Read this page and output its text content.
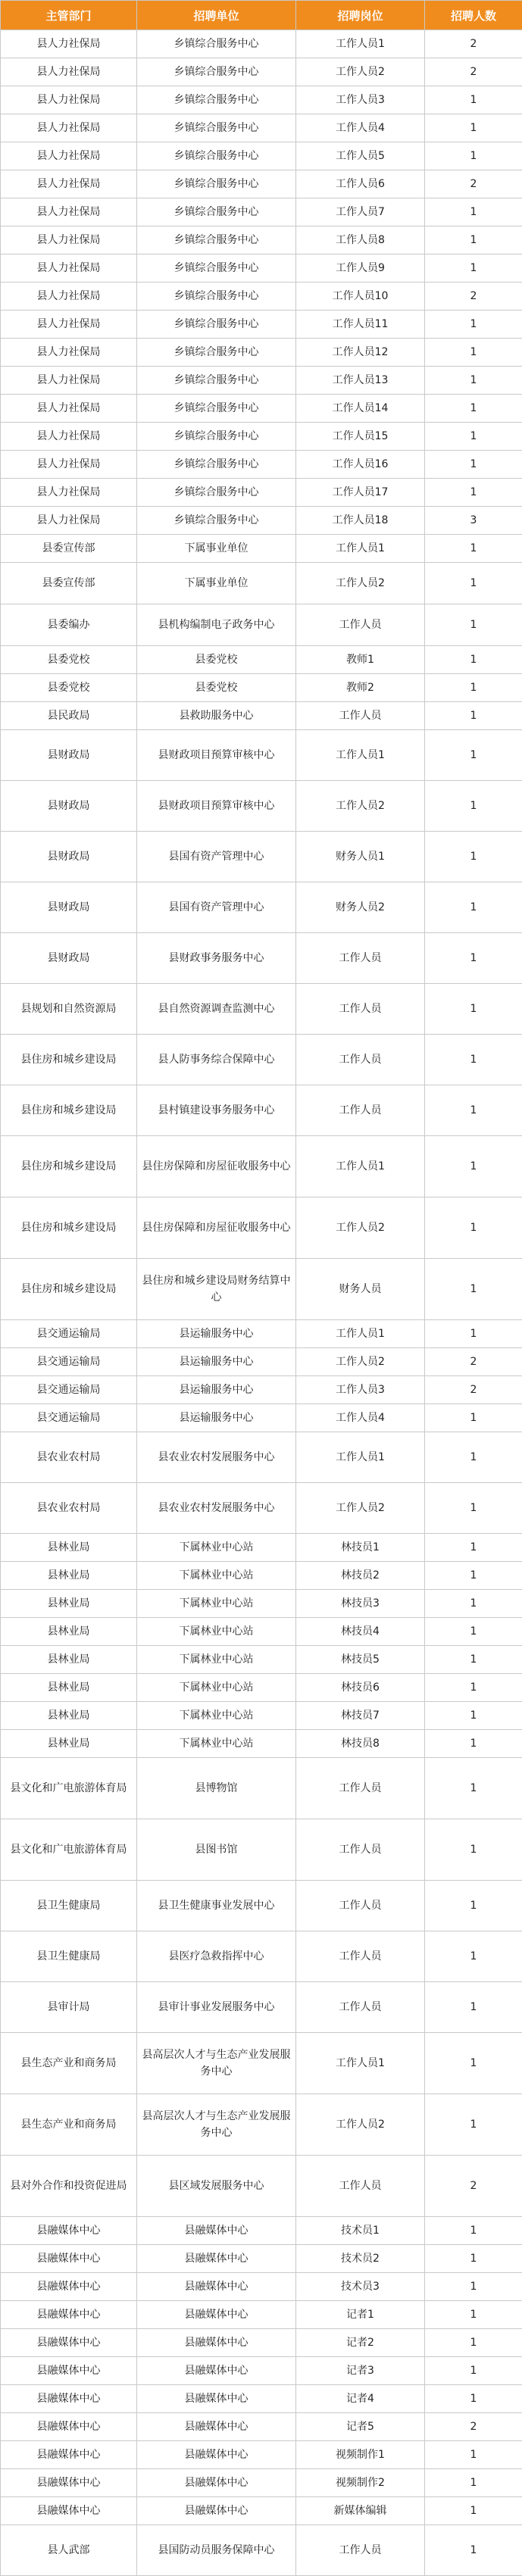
主管部门	招聘单位	招聘岗位	招聘人数
县人力社保局	乡镇综合服务中心	工作人员1	2
县人力社保局	乡镇综合服务中心	工作人员2	2
县人力社保局	乡镇综合服务中心	工作人员3	1
县人力社保局	乡镇综合服务中心	工作人员4	1
县人力社保局	乡镇综合服务中心	工作人员5	1
县人力社保局	乡镇综合服务中心	工作人员6	2
县人力社保局	乡镇综合服务中心	工作人员7	1
县人力社保局	乡镇综合服务中心	工作人员8	1
县人力社保局	乡镇综合服务中心	工作人员9	1
县人力社保局	乡镇综合服务中心	工作人员10	2
县人力社保局	乡镇综合服务中心	工作人员11	1
县人力社保局	乡镇综合服务中心	工作人员12	1
县人力社保局	乡镇综合服务中心	工作人员13	1
县人力社保局	乡镇综合服务中心	工作人员14	1
县人力社保局	乡镇综合服务中心	工作人员15	1
县人力社保局	乡镇综合服务中心	工作人员16	1
县人力社保局	乡镇综合服务中心	工作人员17	1
县人力社保局	乡镇综合服务中心	工作人员18	3
县委宣传部	下属事业单位	工作人员1	1
县委宣传部	下属事业单位	工作人员2	1
县委编办	县机构编制电子政务中心	工作人员	1
县委党校	县委党校	教师1	1
县委党校	县委党校	教师2	1
县民政局	县救助服务中心	工作人员	1
县财政局	县财政项目预算审核中心	工作人员1	1
县财政局	县财政项目预算审核中心	工作人员2	1
县财政局	县国有资产管理中心	财务人员1	1
县财政局	县国有资产管理中心	财务人员2	1
县财政局	县财政事务服务中心	工作人员	1
县规划和自然资源局	县自然资源调查监测中心	工作人员	1
县住房和城乡建设局	县人防事务综合保障中心	工作人员	1
县住房和城乡建设局	县村镇建设事务服务中心	工作人员	1
县住房和城乡建设局	县住房保障和房屋征收服务中心	工作人员1	1
县住房和城乡建设局	县住房保障和房屋征收服务中心	工作人员2	1
县住房和城乡建设局	县住房和城乡建设局财务结算中心	财务人员	1
县交通运输局	县运输服务中心	工作人员1	1
县交通运输局	县运输服务中心	工作人员2	2
县交通运输局	县运输服务中心	工作人员3	2
县交通运输局	县运输服务中心	工作人员4	1
县农业农村局	县农业农村发展服务中心	工作人员1	1
县农业农村局	县农业农村发展服务中心	工作人员2	1
县林业局	下属林业中心站	林技员1	1
县林业局	下属林业中心站	林技员2	1
县林业局	下属林业中心站	林技员3	1
县林业局	下属林业中心站	林技员4	1
县林业局	下属林业中心站	林技员5	1
县林业局	下属林业中心站	林技员6	1
县林业局	下属林业中心站	林技员7	1
县林业局	下属林业中心站	林技员8	1
县文化和广电旅游体育局	县博物馆	工作人员	1
县文化和广电旅游体育局	县图书馆	工作人员	1
县卫生健康局	县卫生健康事业发展中心	工作人员	1
县卫生健康局	县医疗急救指挥中心	工作人员	1
县审计局	县审计事业发展服务中心	工作人员	1
县生态产业和商务局	县高层次人才与生态产业发展服务中心	工作人员1	1
县生态产业和商务局	县高层次人才与生态产业发展服务中心	工作人员2	1
县对外合作和投资促进局	县区域发展服务中心	工作人员	2
县融媒体中心	县融媒体中心	技术员1	1
县融媒体中心	县融媒体中心	技术员2	1
县融媒体中心	县融媒体中心	技术员3	1
县融媒体中心	县融媒体中心	记者1	1
县融媒体中心	县融媒体中心	记者2	1
县融媒体中心	县融媒体中心	记者3	1
县融媒体中心	县融媒体中心	记者4	1
县融媒体中心	县融媒体中心	记者5	2
县融媒体中心	县融媒体中心	视频制作1	1
县融媒体中心	县融媒体中心	视频制作2	1
县融媒体中心	县融媒体中心	新媒体编辑	1
县人武部	县国防动员服务保障中心	工作人员	1
